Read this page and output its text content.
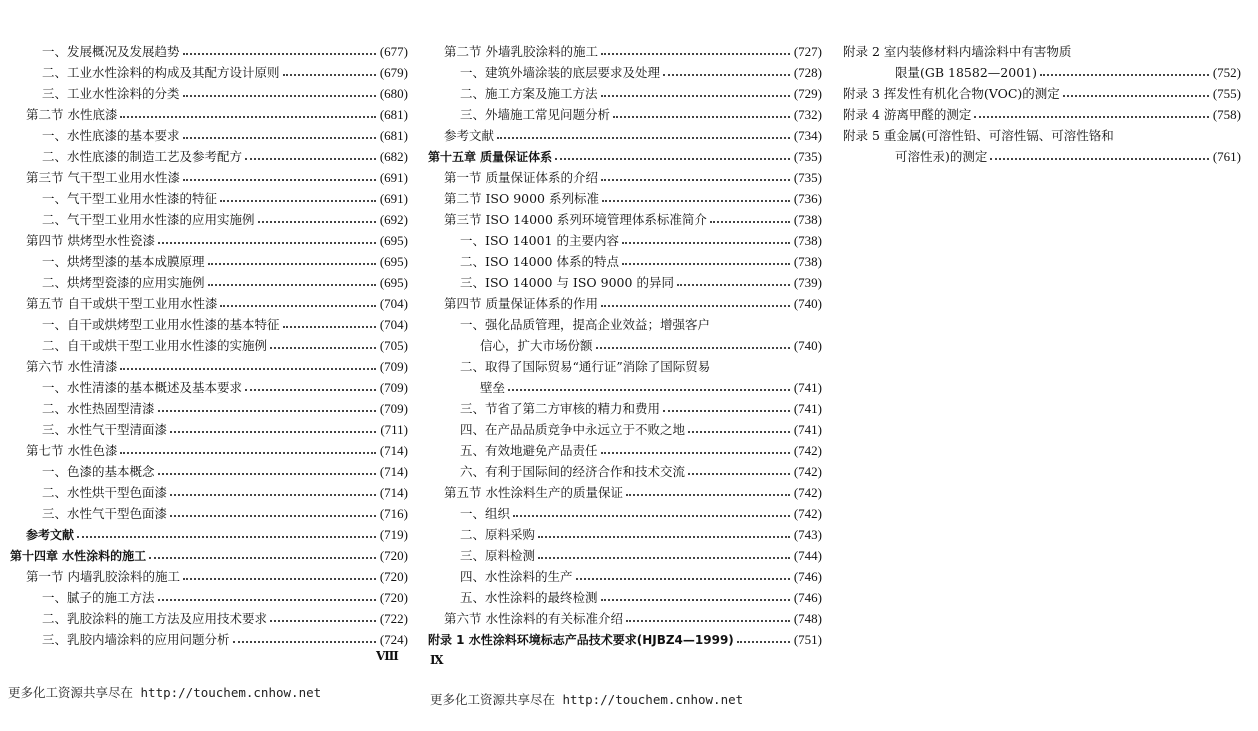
一、发展概况及发展趋势	(677)
二、工业水性涂料的构成及其配方设计原则	(679)
三、工业水性涂料的分类	(680)
第二节 水性底漆	(681)
一、水性底漆的基本要求	(681)
二、水性底漆的制造工艺及参考配方	(682)
第三节 气干型工业用水性漆	(691)
一、气干型工业用水性漆的特征	(691)
二、气干型工业用水性漆的应用实施例	(692)
第四节 烘烤型水性瓷漆	(695)
一、烘烤型漆的基本成膜原理	(695)
二、烘烤型瓷漆的应用实施例	(695)
第五节 自干或烘干型工业用水性漆	(704)
一、自干或烘烤型工业用水性漆的基本特征	(704)
二、自干或烘干型工业用水性漆的实施例	(705)
第六节 水性清漆	(709)
一、水性清漆的基本概述及基本要求	(709)
二、水性热固型清漆	(709)
三、水性气干型清面漆	(711)
第七节 水性色漆	(714)
一、色漆的基本概念	(714)
二、水性烘干型色面漆	(714)
三、水性气干型色面漆	(716)
参考文献	(719)
第十四章 水性涂料的施工	(720)
第一节 内墙乳胶涂料的施工	(720)
一、腻子的施工方法	(720)
二、乳胶涂料的施工方法及应用技术要求	(722)
三、乳胶内墙涂料的应用问题分析	(724)
第二节 外墙乳胶涂料的施工	(727)
一、建筑外墙涂装的底层要求及处理	(728)
二、施工方案及施工方法	(729)
三、外墙施工常见问题分析	(732)
参考文献	(734)
第十五章 质量保证体系	(735)
第一节 质量保证体系的介绍	(735)
第二节 ISO 9000 系列标准	(736)
第三节 ISO 14000 系列环境管理体系标准简介	(738)
一、ISO 14001 的主要内容	(738)
二、ISO 14000 体系的特点	(738)
三、ISO 14000 与 ISO 9000 的异同	(739)
第四节 质量保证体系的作用	(740)
一、强化品质管理，提高企业效益；增强客户
信心，扩大市场份额	(740)
二、取得了国际贸易“通行证”消除了国际贸易
壁垒	(741)
三、节省了第二方审核的精力和费用	(741)
四、在产品品质竞争中永远立于不败之地	(741)
五、有效地避免产品责任	(742)
六、有利于国际间的经济合作和技术交流	(742)
第五节 水性涂料生产的质量保证	(742)
一、组织	(742)
二、原料采购	(743)
三、原料检测	(744)
四、水性涂料的生产	(746)
五、水性涂料的最终检测	(746)
第六节 水性涂料的有关标准介绍	(748)
附录 1 水性涂料环境标志产品技术要求(HJBZ4—1999)	(751)
附录 2 室内装修材料内墙涂料中有害物质
限量(GB 18582—2001)	(752)
附录 3 挥发性有机化合物(VOC)的测定	(755)
附录 4 游离甲醛的测定	(758)
附录 5 重金属(可溶性铅、可溶性镉、可溶性铬和
可溶性汞)的测定	(761)
Ⅷ	Ⅸ
更多化工资源共享尽在 http://touchem.cnhow.net	更多化工资源共享尽在 http://touchem.cnhow.net
